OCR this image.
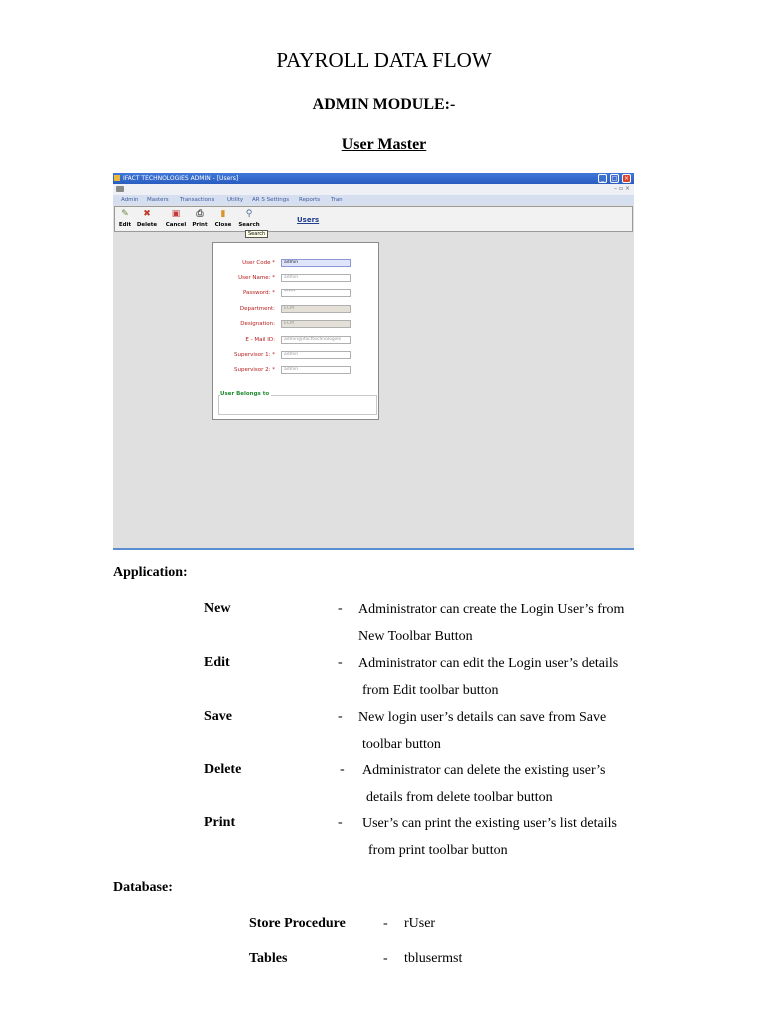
PAYROLL DATA FLOW
ADMIN MODULE:-
User Master
IFACT TECHNOLOGIES ADMIN - [Users]	_	□	×
– ▫ ×
Admin Masters Transactions Utility AR S Settings Reports Tran
✎
Edit
✖
Delete
▣
Cancel
⎙
Print
▮
Close
⚲
Search
Search
Users
User Code *	admin
User Name: *	admin
Password: *	*****
Department:	ECM
Designation:	ECM
E - Mail ID:	admin@ifacttechnologies
Supervisor 1: *	admin
Supervisor 2: *	admin
User Belongs to
Application:
New	- Administrator can create the Login User’s from
New Toolbar Button
Edit	- Administrator can edit the Login user’s details
from Edit toolbar button
Save	- New login user’s details can save from Save
toolbar button
Delete	- Administrator can delete the existing user’s
details from delete toolbar button
Print	- User’s can print the existing user’s list details
from print toolbar button
Database:
Store Procedure	- rUser
Tables	- tblusermst
